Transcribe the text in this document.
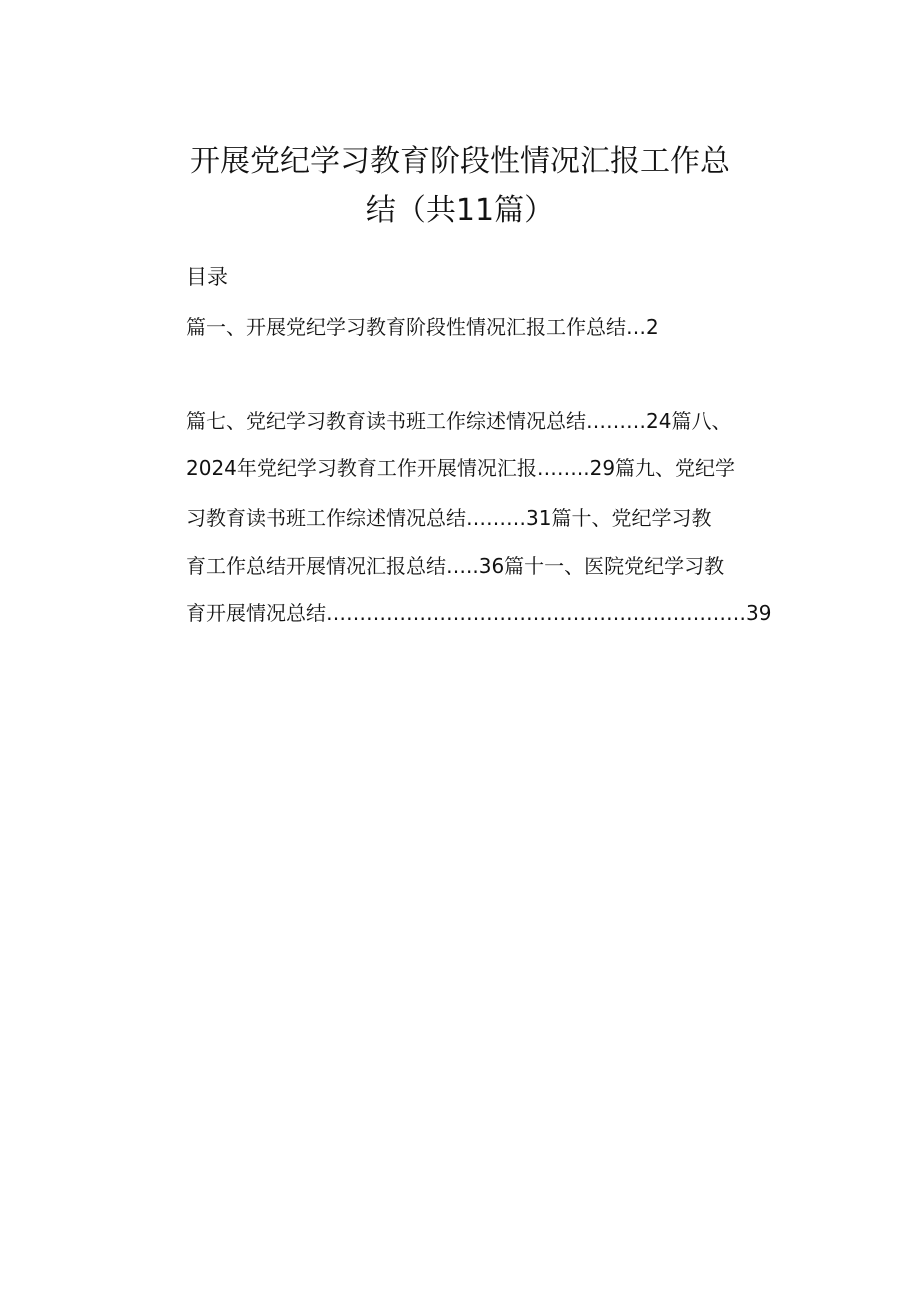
开展党纪学习教育阶段性情况汇报工作总
结（共11篇）
目录
篇一、开展党纪学习教育阶段性情况汇报工作总结…2
篇七、党纪学习教育读书班工作综述情况总结………24篇八、
2024年党纪学习教育工作开展情况汇报……..29篇九、党纪学
习教育读书班工作综述情况总结………31篇十、党纪学习教
育工作总结开展情况汇报总结…..36篇十一、医院党纪学习教
育开展情况总结………………………………………………………39
